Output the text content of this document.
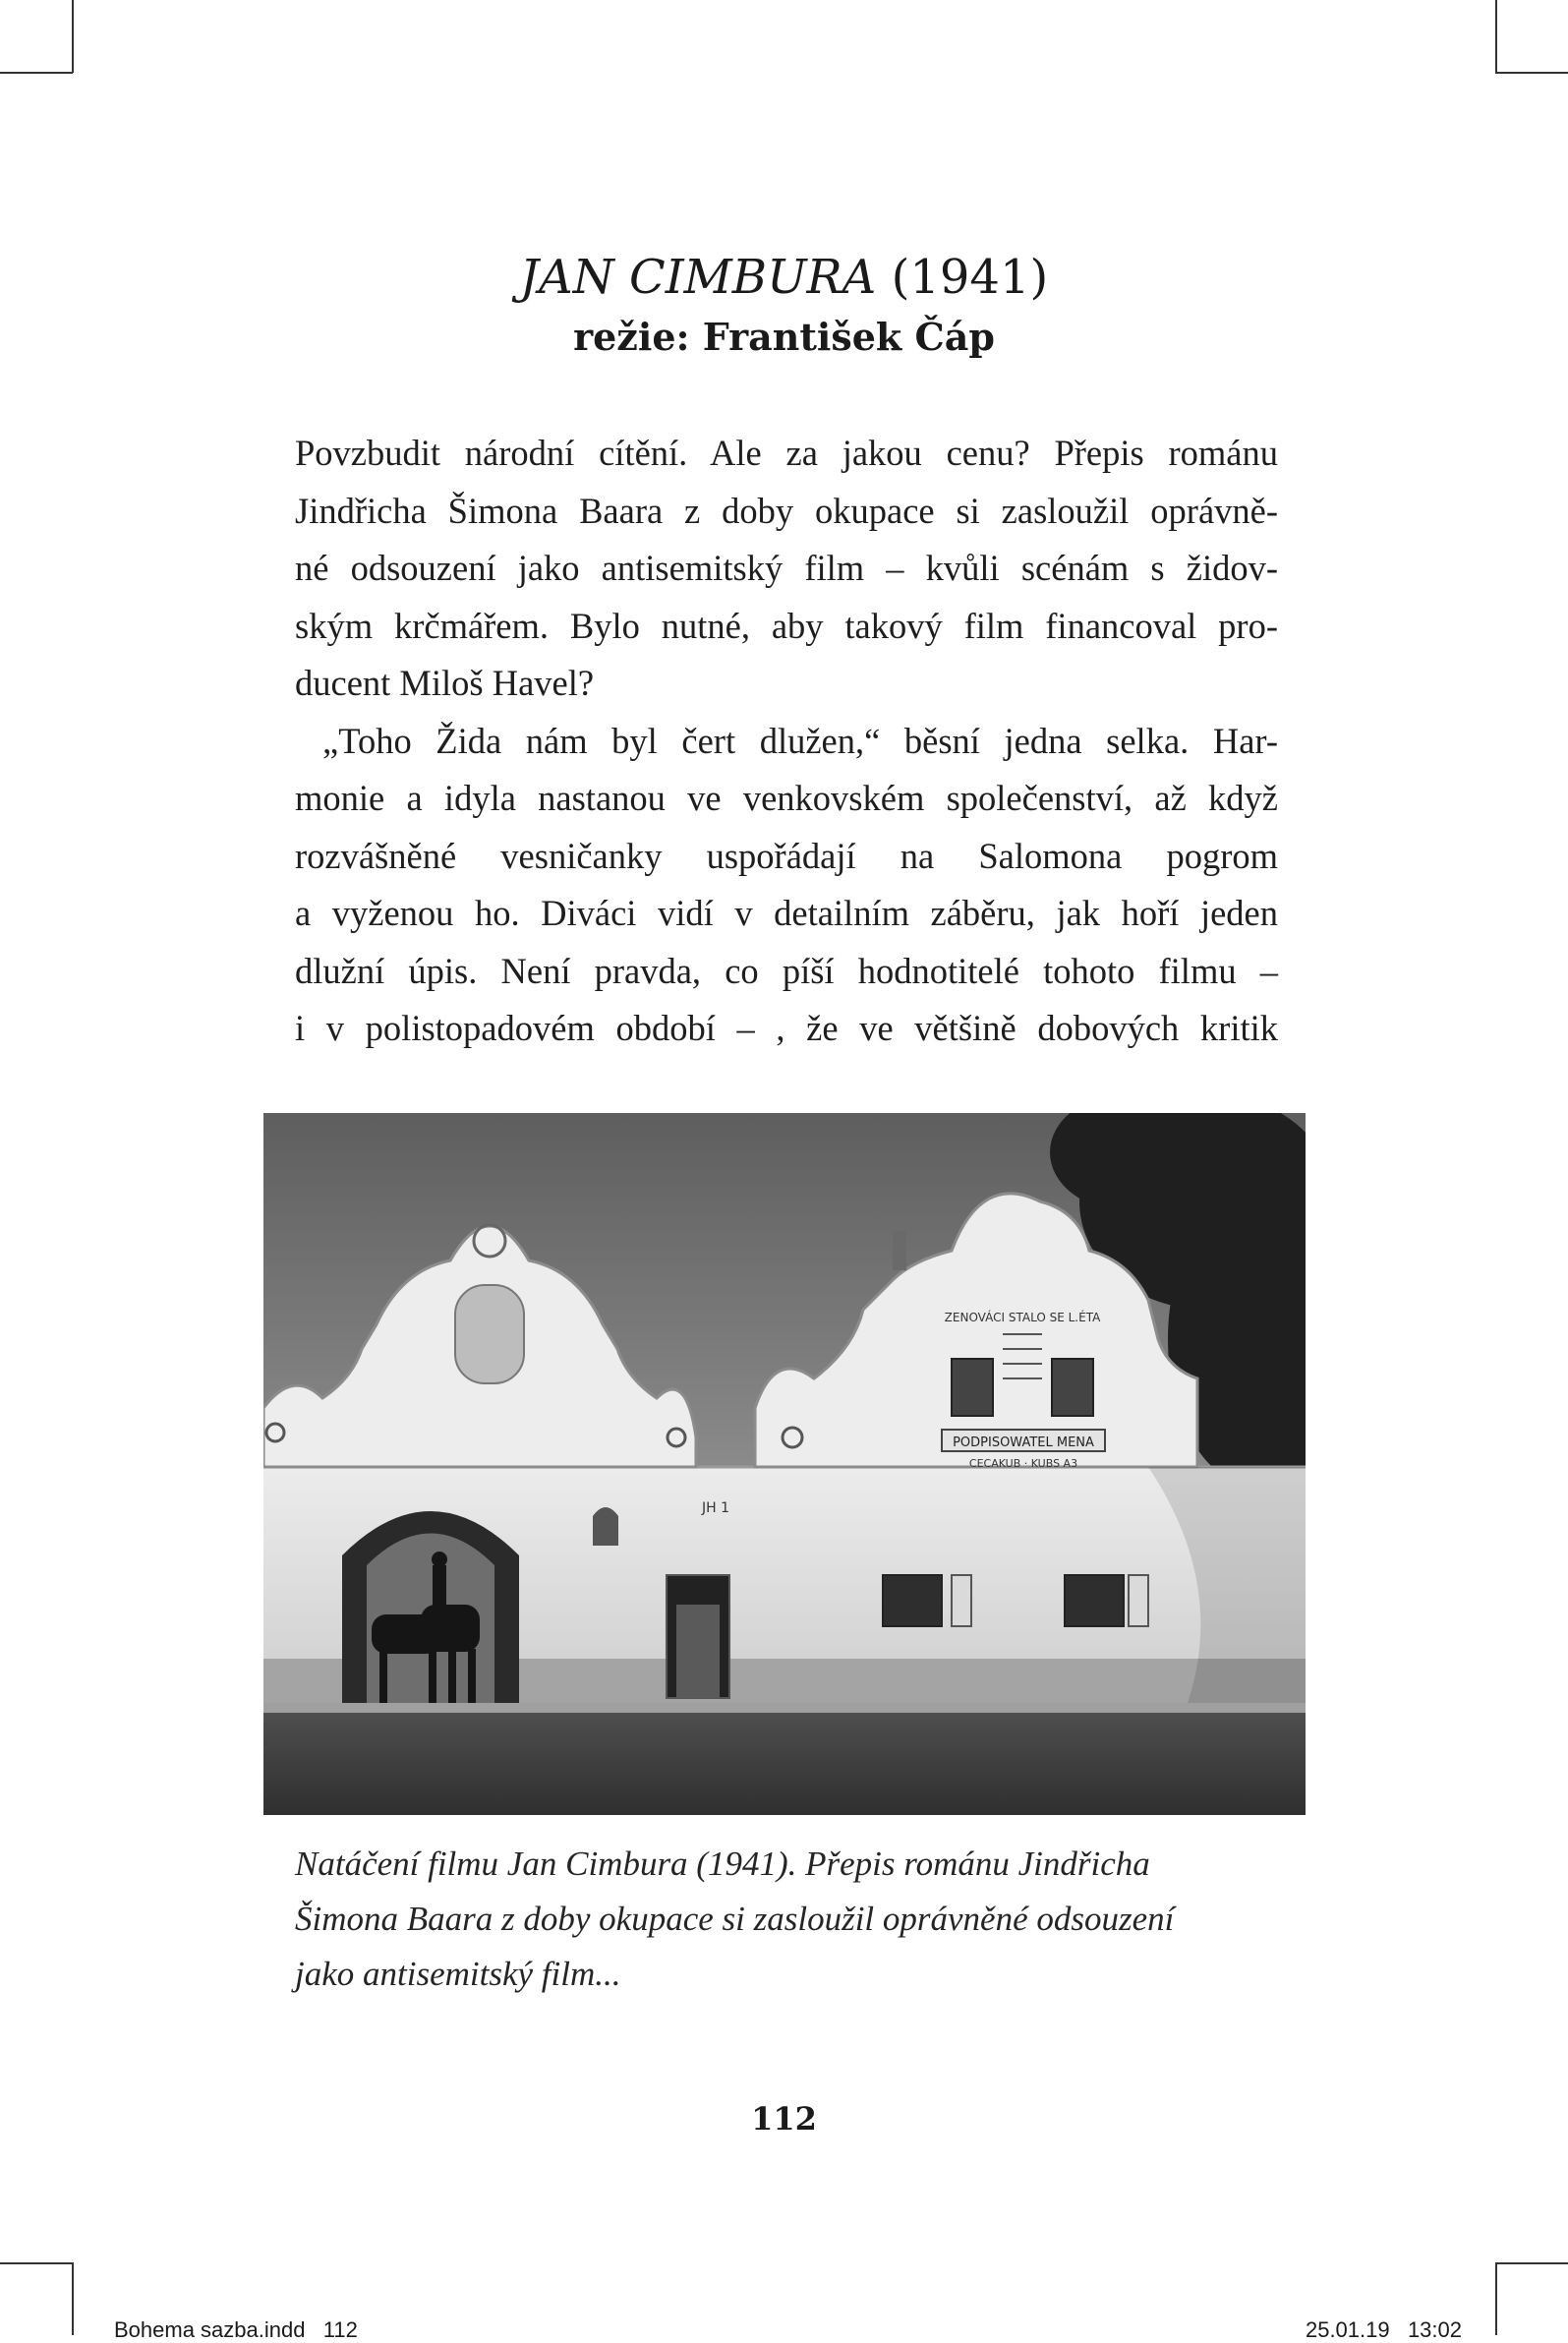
JAN CIMBURA (1941)
režie: František Čáp
Povzbudit národní cítění. Ale za jakou cenu? Přepis románu
Jindřicha Šimona Baara z doby okupace si zasloužil oprávně-
né odsouzení jako antisemitský film – kvůli scénám s židov-
ským krčmářem. Bylo nutné, aby takový film financoval pro-
ducent Miloš Havel?
„Toho Žida nám byl čert dlužen,“ běsní jedna selka. Har-
monie a idyla nastanou ve venkovském společenství, až když
rozvášněné vesničanky uspořádají na Salomona pogrom
a vyženou ho. Diváci vidí v detailním záběru, jak hoří jeden
dlužní úpis. Není pravda, co píší hodnotitelé tohoto filmu –
i v polistopadovém období – , že ve většině dobových kritik
ZENOVÁCI STALO SE L.ÉTA
PODPISOWATEL MENA
CECAKUB · KUBS A3
JH 1
Natáčení filmu Jan Cimbura (1941). Přepis románu Jindřicha
Šimona Baara z doby okupace si zasloužil oprávněné odsouzení
jako antisemitský film...
112
Bohema sazba.indd   112	25.01.19   13:02
